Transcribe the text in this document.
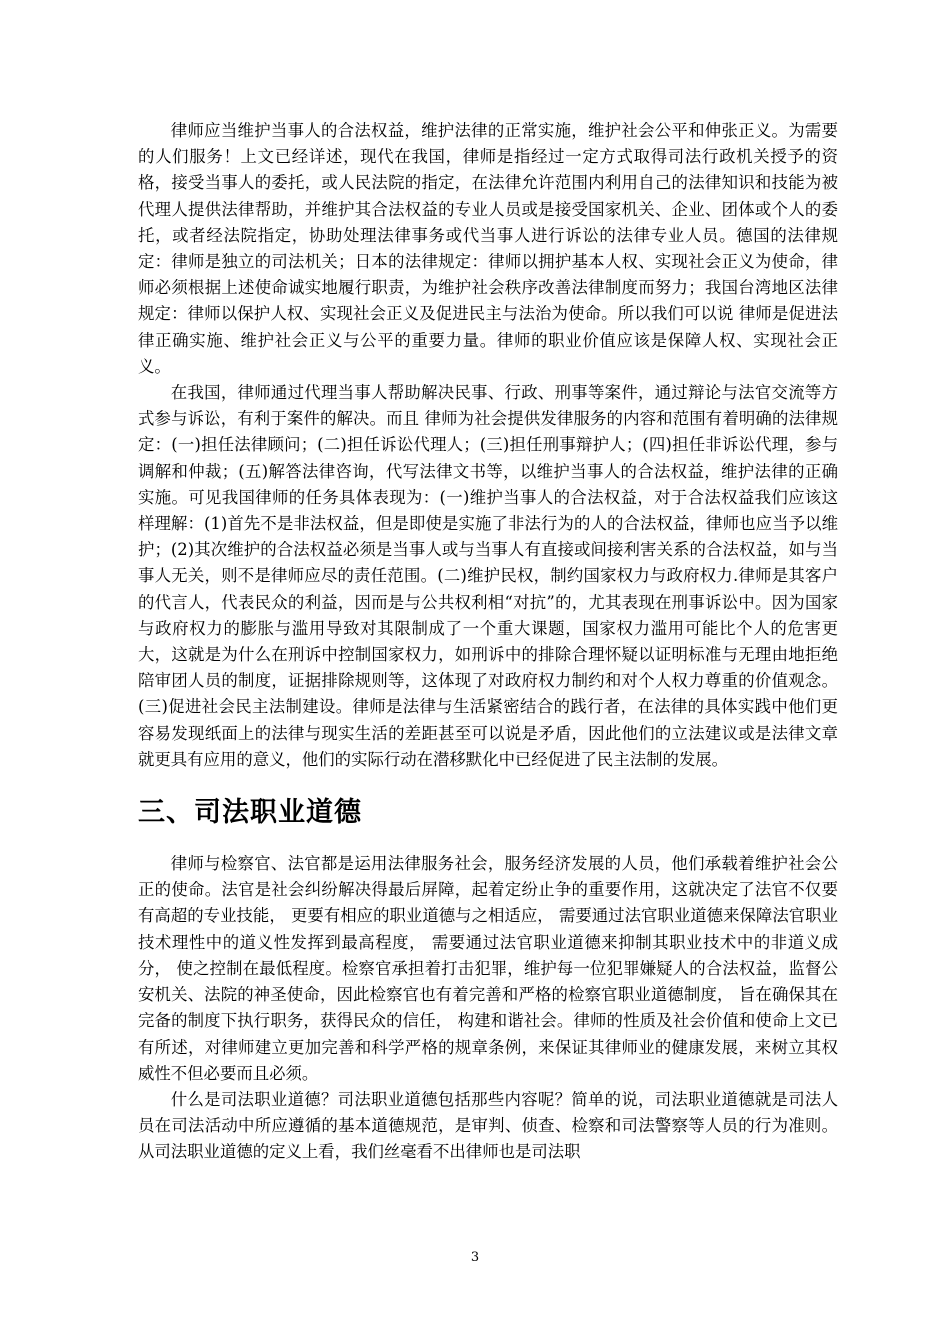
律师应当维护当事人的合法权益，维护法律的正常实施，维护社会公平和伸张正义。为需要的人们服务！上文已经详述，现代在我国，律师是指经过一定方式取得司法行政机关授予的资格，接受当事人的委托，或人民法院的指定，在法律允许范围内利用自己的法律知识和技能为被代理人提供法律帮助，并维护其合法权益的专业人员或是接受国家机关、企业、团体或个人的委托，或者经法院指定，协助处理法律事务或代当事人进行诉讼的法律专业人员。德国的法律规定：律师是独立的司法机关；日本的法律规定：律师以拥护基本人权、实现社会正义为使命，律师必须根据上述使命诚实地履行职责，为维护社会秩序改善法律制度而努力；我国台湾地区法律规定：律师以保护人权、实现社会正义及促进民主与法治为使命。所以我们可以说 律师是促进法律正确实施、维护社会正义与公平的重要力量。律师的职业价值应该是保障人权、实现社会正义。

在我国，律师通过代理当事人帮助解决民事、行政、刑事等案件，通过辩论与法官交流等方式参与诉讼，有利于案件的解决。而且 律师为社会提供发律服务的内容和范围有着明确的法律规定：(一)担任法律顾问；(二)担任诉讼代理人；(三)担任刑事辩护人；(四)担任非诉讼代理，参与调解和仲裁；(五)解答法律咨询，代写法律文书等，以维护当事人的合法权益，维护法律的正确实施。可见我国律师的任务具体表现为：(一)维护当事人的合法权益，对于合法权益我们应该这样理解：(1)首先不是非法权益，但是即使是实施了非法行为的人的合法权益，律师也应当予以维护；(2)其次维护的合法权益必须是当事人或与当事人有直接或间接利害关系的合法权益，如与当事人无关，则不是律师应尽的责任范围。(二)维护民权，制约国家权力与政府权力.律师是其客户的代言人，代表民众的利益，因而是与公共权利相“对抗”的，尤其表现在刑事诉讼中。因为国家与政府权力的膨胀与滥用导致对其限制成了一个重大课题，国家权力滥用可能比个人的危害更大，这就是为什么在刑诉中控制国家权力，如刑诉中的排除合理怀疑以证明标准与无理由地拒绝陪审团人员的制度，证据排除规则等，这体现了对政府权力制约和对个人权力尊重的价值观念。(三)促进社会民主法制建设。律师是法律与生活紧密结合的践行者，在法律的具体实践中他们更容易发现纸面上的法律与现实生活的差距甚至可以说是矛盾，因此他们的立法建议或是法律文章就更具有应用的意义，他们的实际行动在潜移默化中已经促进了民主法制的发展。

三、司法职业道德

律师与检察官、法官都是运用法律服务社会，服务经济发展的人员，他们承载着维护社会公正的使命。法官是社会纠纷解决得最后屏障，起着定纷止争的重要作用，这就决定了法官不仅要有高超的专业技能， 更要有相应的职业道德与之相适应， 需要通过法官职业道德来保障法官职业技术理性中的道义性发挥到最高程度， 需要通过法官职业道德来抑制其职业技术中的非道义成分， 使之控制在最低程度。检察官承担着打击犯罪，维护每一位犯罪嫌疑人的合法权益，监督公安机关、法院的神圣使命，因此检察官也有着完善和严格的检察官职业道德制度， 旨在确保其在完备的制度下执行职务，获得民众的信任， 构建和谐社会。律师的性质及社会价值和使命上文已有所述，对律师建立更加完善和科学严格的规章条例，来保证其律师业的健康发展，来树立其权威性不但必要而且必须。

什么是司法职业道德？司法职业道德包括那些内容呢？简单的说，司法职业道德就是司法人员在司法活动中所应遵循的基本道德规范，是审判、侦查、检察和司法警察等人员的行为准则。从司法职业道德的定义上看，我们丝毫看不出律师也是司法职

3
